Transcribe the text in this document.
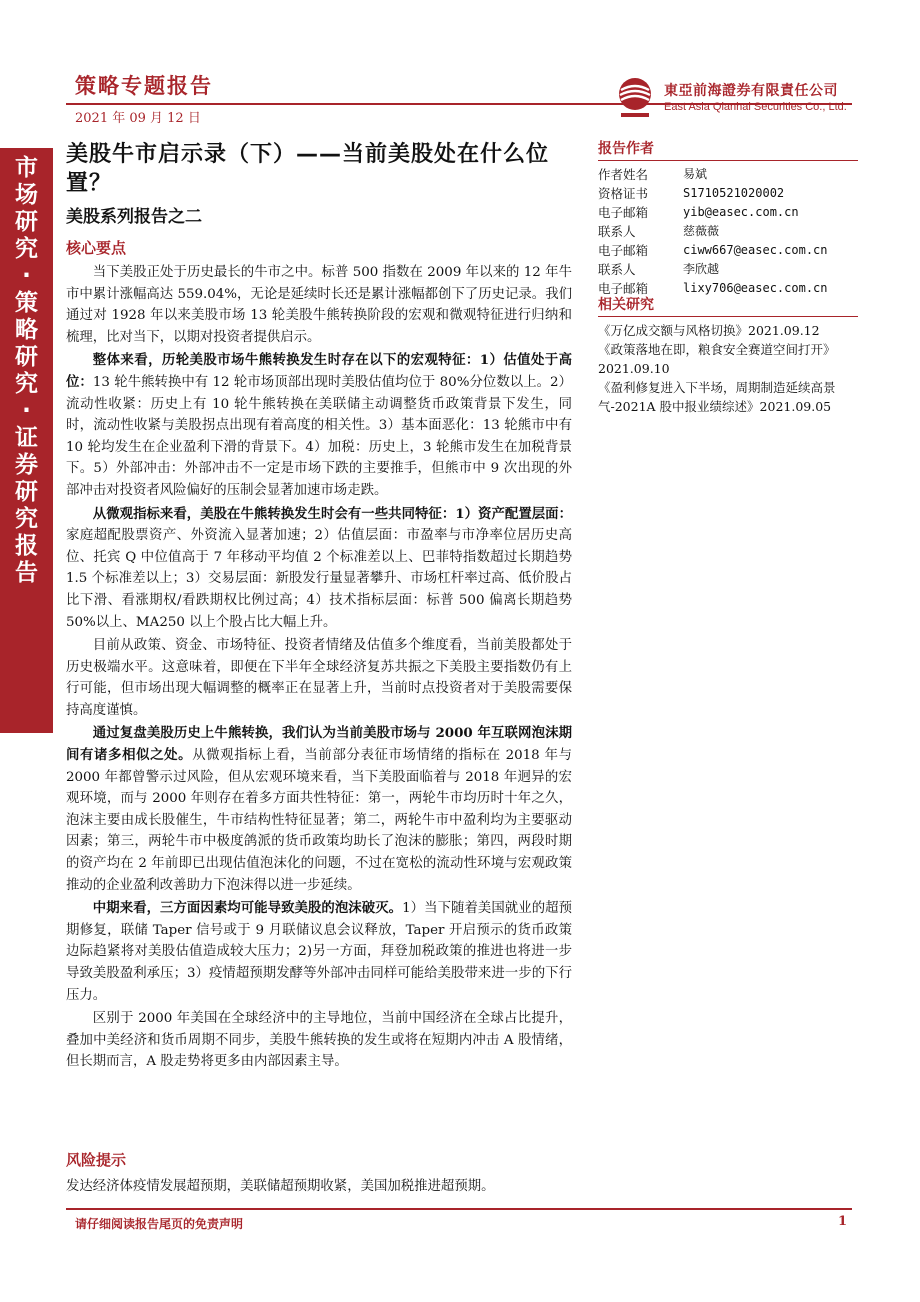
市
场
研
究
·
策
略
研
究
·
证
券
研
究
报
告
策略专题报告
2021 年 09 月 12 日
東亞前海證券有限責任公司
East Asia Qianhai Securities Co., Ltd.
美股牛市启示录（下）——当前美股处在什么位置？
美股系列报告之二
核心要点

当下美股正处于历史最长的牛市之中。标普 500 指数在 2009 年以来的 12 年牛市中累计涨幅高达 559.04%，无论是延续时长还是累计涨幅都创下了历史记录。我们通过对 1928 年以来美股市场 13 轮美股牛熊转换阶段的宏观和微观特征进行归纳和梳理，比对当下，以期对投资者提供启示。

整体来看，历轮美股市场牛熊转换发生时存在以下的宏观特征：1）估值处于高位：13 轮牛熊转换中有 12 轮市场顶部出现时美股估值均位于 80%分位数以上。2）流动性收紧：历史上有 10 轮牛熊转换在美联储主动调整货币政策背景下发生，同时，流动性收紧与美股拐点出现有着高度的相关性。3）基本面恶化：13 轮熊市中有 10 轮均发生在企业盈利下滑的背景下。4）加税：历史上，3 轮熊市发生在加税背景下。5）外部冲击：外部冲击不一定是市场下跌的主要推手，但熊市中 9 次出现的外部冲击对投资者风险偏好的压制会显著加速市场走跌。

从微观指标来看，美股在牛熊转换发生时会有一些共同特征：1）资产配置层面：家庭超配股票资产、外资流入显著加速；2）估值层面：市盈率与市净率位居历史高位、托宾 Q 中位值高于 7 年移动平均值 2 个标准差以上、巴菲特指数超过长期趋势 1.5 个标准差以上；3）交易层面：新股发行量显著攀升、市场杠杆率过高、低价股占比下滑、看涨期权/看跌期权比例过高；4）技术指标层面：标普 500 偏离长期趋势 50%以上、MA250 以上个股占比大幅上升。

目前从政策、资金、市场特征、投资者情绪及估值多个维度看，当前美股都处于历史极端水平。这意味着，即便在下半年全球经济复苏共振之下美股主要指数仍有上行可能，但市场出现大幅调整的概率正在显著上升，当前时点投资者对于美股需要保持高度谨慎。

通过复盘美股历史上牛熊转换，我们认为当前美股市场与 2000 年互联网泡沫期间有诸多相似之处。从微观指标上看，当前部分表征市场情绪的指标在 2018 年与 2000 年都曾警示过风险，但从宏观环境来看，当下美股面临着与 2018 年迥异的宏观环境，而与 2000 年则存在着多方面共性特征：第一，两轮牛市均历时十年之久，泡沫主要由成长股催生，牛市结构性特征显著；第二，两轮牛市中盈利均为主要驱动因素；第三，两轮牛市中极度鸽派的货币政策均助长了泡沫的膨胀；第四，两段时期的资产均在 2 年前即已出现估值泡沫化的问题，不过在宽松的流动性环境与宏观政策推动的企业盈利改善助力下泡沫得以进一步延续。

中期来看，三方面因素均可能导致美股的泡沫破灭。1）当下随着美国就业的超预期修复，联储 Taper 信号或于 9 月联储议息会议释放，Taper 开启预示的货币政策边际趋紧将对美股估值造成较大压力；2)另一方面，拜登加税政策的推进也将进一步导致美股盈利承压；3）疫情超预期发酵等外部冲击同样可能给美股带来进一步的下行压力。

区别于 2000 年美国在全球经济中的主导地位，当前中国经济在全球占比提升，叠加中美经济和货币周期不同步，美股牛熊转换的发生或将在短期内冲击 A 股情绪，但长期而言，A 股走势将更多由内部因素主导。

风险提示
发达经济体疫情发展超预期，美联储超预期收紧，美国加税推进超预期。
报告作者
作者姓名	易斌
资格证书	S1710521020002
电子邮箱	yib@easec.com.cn
联系人	慈薇薇
电子邮箱	ciww667@easec.com.cn
联系人	李欣越
电子邮箱	lixy706@easec.com.cn
相关研究
《万亿成交额与风格切换》2021.09.12
《政策落地在即，粮食安全赛道空间打开》2021.09.10
《盈利修复进入下半场，周期制造延续高景气-2021A 股中报业绩综述》2021.09.05
请仔细阅读报告尾页的免责声明	1
